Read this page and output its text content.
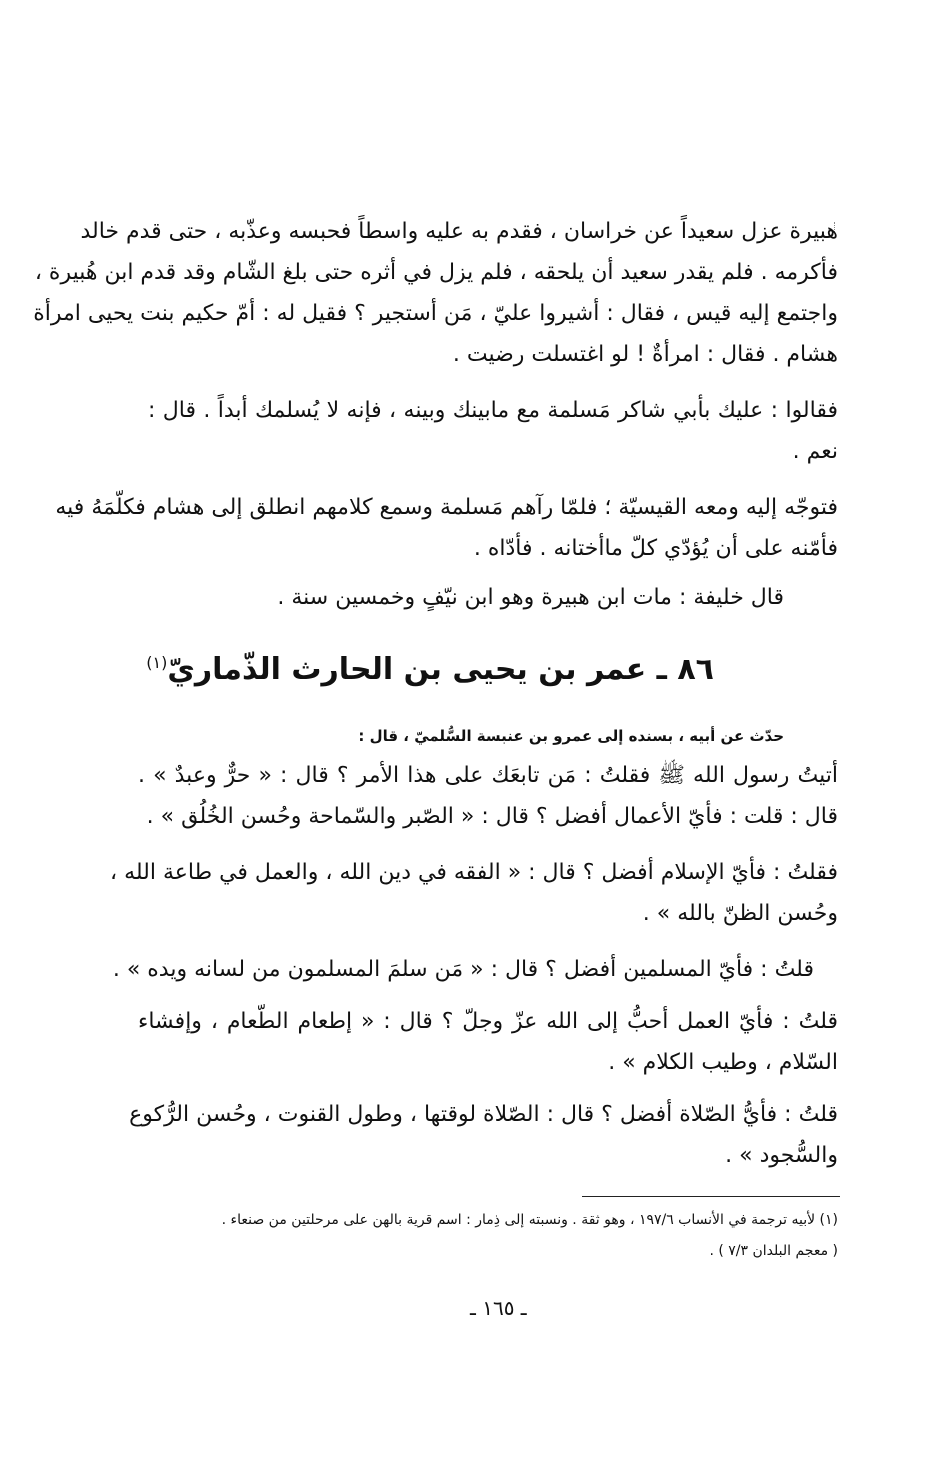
هبيرة عزل سعيداً عن خراسان ، فقدم به عليه واسطاً فحبسه وعذّبه ، حتى قدم خالد
فأكرمه . فلم يقدر سعيد أن يلحقه ، فلم يزل في أثره حتى بلغ الشّام وقد قدم ابن هُبيرة ،
واجتمع إليه قيس ، فقال : أشيروا عليّ ، مَن أستجير ؟ فقيل له : أمّ حكيم بنت يحيى امرأة
هشام . فقال : امرأةٌ ! لو اغتسلت رضيت .
فقالوا : عليك بأبي شاكر مَسلمة مع مابينك وبينه ، فإنه لا يُسلمك أبداً . قال :
نعم .
فتوجّه إليه ومعه القيسيّة ؛ فلمّا رآهم مَسلمة وسمع كلامهم انطلق إلى هشام فكلّمَهُ فيه
فأمّنه على أن يُؤدّي كلّ ماأختانه . فأدّاه .
قال خليفة : مات ابن هبيرة وهو ابن نيّفٍ وخمسين سنة .
٨٦ ـ عمر بن يحيى بن الحارث الذّماريّ$^{(١)}$
حدّث عن أبيه ، بسنده إلى عمرو بن عنبسة السُّلميّ ، قال :
أتيتُ رسول الله ﷺ فقلتُ : مَن تابعَك على هذا الأمر ؟ قال : « حرٌّ وعبدٌ » .
قال : قلت : فأيّ الأعمال أفضل ؟ قال : « الصّبر والسّماحة وحُسن الخُلُق » .
فقلتُ : فأيّ الإسلام أفضل ؟ قال : « الفقه في دين الله ، والعمل في طاعة الله ،
وحُسن الظنّ بالله » .
قلتُ : فأيّ المسلمين أفضل ؟ قال : « مَن سلمَ المسلمون من لسانه ويده » .
قلتُ : فأيّ العمل أحبُّ إلى الله عزّ وجلّ ؟ قال : « إطعام الطّعام ، وإفشاء
السّلام ، وطيب الكلام » .
قلتُ : فأيُّ الصّلاة أفضل ؟ قال : الصّلاة لوقتها ، وطول القنوت ، وحُسن الرُّكوع
والسُّجود » .
(١) لأبيه ترجمة في الأنساب ١٩٧/٦ ، وهو ثقة . ونسبته إلى ذِمار : اسم قرية بالهن على مرحلتين من صنعاء .
( معجم البلدان ٧/٣ ) .
ـ ١٦٥ ـ
